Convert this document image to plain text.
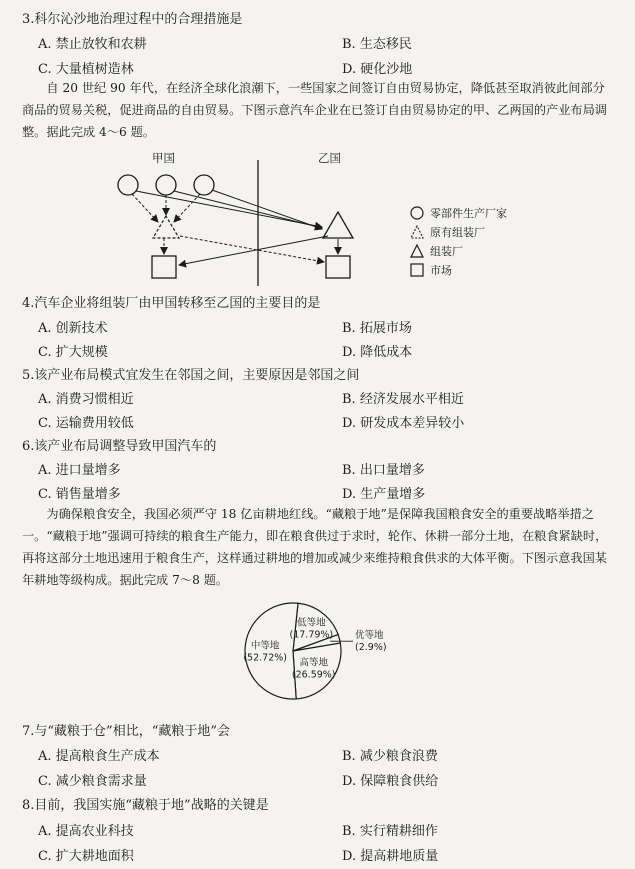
3.科尔沁沙地治理过程中的合理措施是
A. 禁止放牧和农耕	B. 生态移民
C. 大量植树造林	D. 硬化沙地
自 20 世纪 90 年代，在经济全球化浪潮下，一些国家之间签订自由贸易协定，降低甚至取消彼此间部分商品的贸易关税，促进商品的自由贸易。下图示意汽车企业在已签订自由贸易协定的甲、乙两国的产业布局调整。据此完成 4～6 题。
甲国	乙国
零部件生产厂家
原有组装厂
组装厂
市场
4.汽车企业将组装厂由甲国转移至乙国的主要目的是
A. 创新技术	B. 拓展市场
C. 扩大规模	D. 降低成本
5.该产业布局模式宜发生在邻国之间，主要原因是邻国之间
A. 消费习惯相近	B. 经济发展水平相近
C. 运输费用较低	D. 研发成本差异较小
6.该产业布局调整导致甲国汽车的
A. 进口量增多	B. 出口量增多
C. 销售量增多	D. 生产量增多
为确保粮食安全，我国必须严守 18 亿亩耕地红线。“藏粮于地”是保障我国粮食安全的重要战略举措之一。“藏粮于地”强调可持续的粮食生产能力，即在粮食供过于求时，轮作、休耕一部分土地，在粮食紧缺时，再将这部分土地迅速用于粮食生产，这样通过耕地的增加或减少来维持粮食供求的大体平衡。下图示意我国某年耕地等级构成。据此完成 7～8 题。
中等地
(52.72%)
低等地
(17.79%)
高等地
(26.59%)
优等地
(2.9%)
7.与“藏粮于仓”相比，“藏粮于地”会
A. 提高粮食生产成本	B. 减少粮食浪费
C. 减少粮食需求量	D. 保障粮食供给
8.目前，我国实施“藏粮于地”战略的关键是
A. 提高农业科技	B. 实行精耕细作
C. 扩大耕地面积	D. 提高耕地质量
